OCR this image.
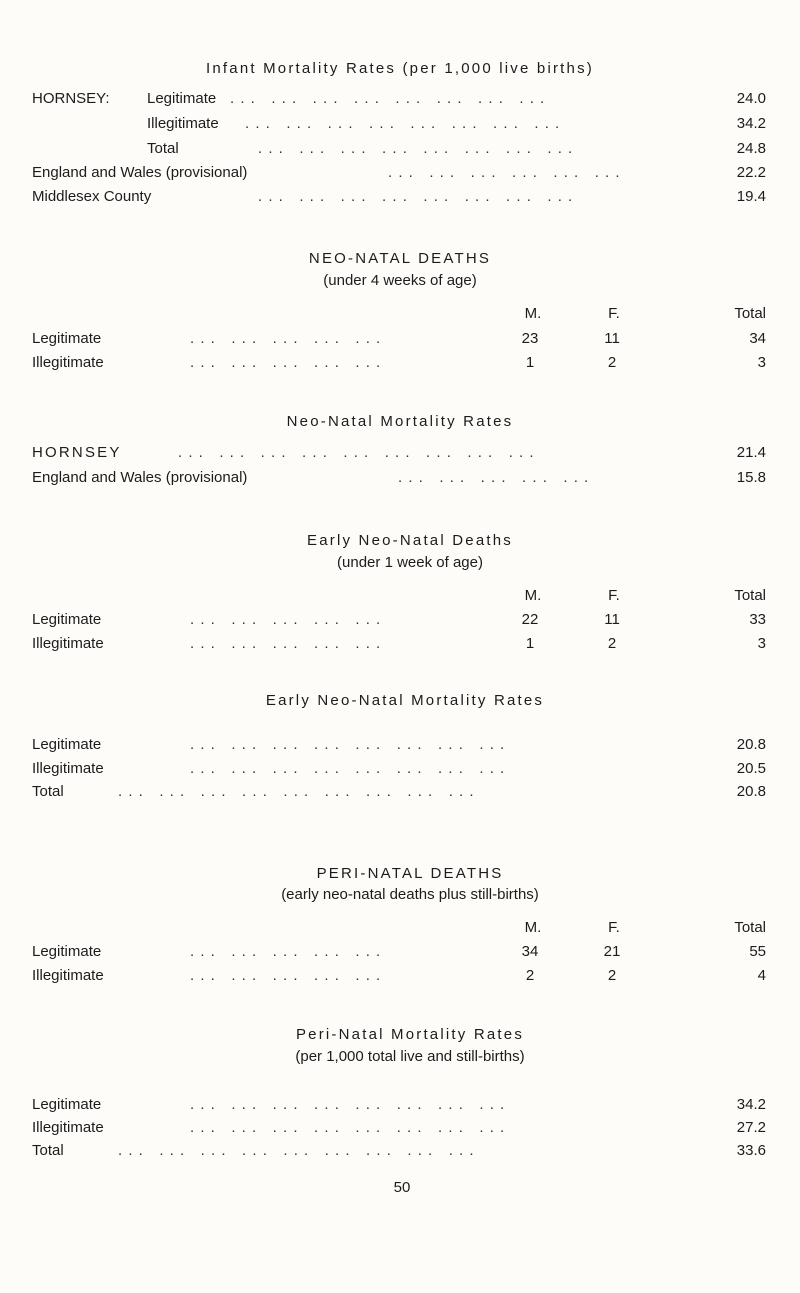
Infant Mortality Rates (per 1,000 live births)
HORNSEY: Legitimate . . .   . . .   . . .   . . .   . . .   . . .   . . .   . . .	24.0
Illegitimate . . .   . . .   . . .   . . .   . . .   . . .   . . .   . . .	34.2
Total	. . .   . . .   . . .   . . .   . . .   . . .   . . .   . . .	24.8
England and Wales (provisional)	. . .   . . .   . . .   . . .   . . .   . . .	22.2
Middlesex County	. . .   . . .   . . .   . . .   . . .   . . .   . . .   . . .	19.4
NEO-NATAL DEATHS
(under 4 weeks of age)
M.	F.	Total
Legitimate	. . .   . . .   . . .   . . .   . . .	23	11	34
Illegitimate	. . .   . . .   . . .   . . .   . . .	1	2	3
Neo-Natal Mortality Rates
HORNSEY	. . .   . . .   . . .   . . .   . . .   . . .   . . .   . . .   . . .	21.4
England and Wales (provisional)	. . .   . . .   . . .   . . .   . . .	15.8
Early Neo-Natal Deaths
(under 1 week of age)
M.	F.	Total
Legitimate	. . .   . . .   . . .   . . .   . . .	22	11	33
Illegitimate	. . .   . . .   . . .   . . .   . . .	1	2	3
Early Neo-Natal Mortality Rates
Legitimate	. . .   . . .   . . .   . . .   . . .   . . .   . . .   . . .	20.8
Illegitimate	. . .   . . .   . . .   . . .   . . .   . . .   . . .   . . .	20.5
Total	. . .   . . .   . . .   . . .   . . .   . . .   . . .   . . .   . . .	20.8
PERI-NATAL DEATHS
(early neo-natal deaths plus still-births)
M.	F.	Total
Legitimate	. . .   . . .   . . .   . . .   . . .	34	21	55
Illegitimate	. . .   . . .   . . .   . . .   . . .	2	2	4
Peri-Natal Mortality Rates
(per 1,000 total live and still-births)
Legitimate	. . .   . . .   . . .   . . .   . . .   . . .   . . .   . . .	34.2
Illegitimate	. . .   . . .   . . .   . . .   . . .   . . .   . . .   . . .	27.2
Total	. . .   . . .   . . .   . . .   . . .   . . .   . . .   . . .   . . .	33.6
50
